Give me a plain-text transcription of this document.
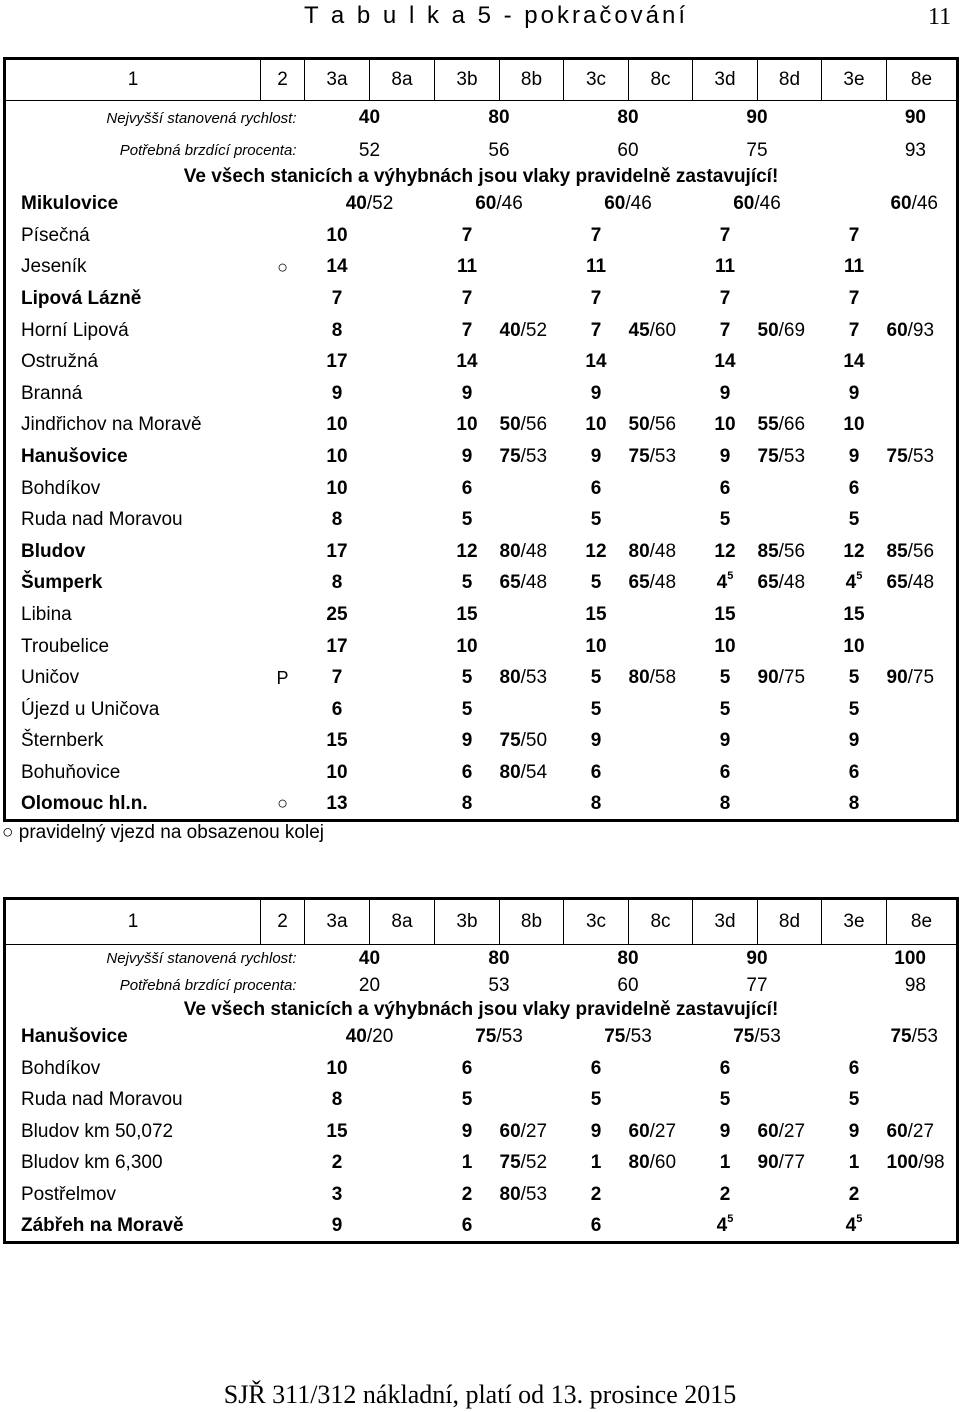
T a b u l k a 5 - pokračování	11
1	2	3a	8a	3b	8b	3c	8c	3d	8d	3e	8e
Nejvyšší stanovená rychlost:		40		80		80		90		90	
Potřebná brzdící procenta:		52		56		60		75		93	
Ve všech stanicích a výhybnách jsou vlaky pravidelně zastavující!											
Mikulovice		40/52		60/46		60/46		60/46		60/46	
Písečná		10		7		7		7		7	
Jeseník	○	14		11		11		11		11	
Lipová Lázně		7		7		7		7		7	
Horní Lipová		8		7	40/52	7	45/60	7	50/69	7	60/93
Ostružná		17		14		14		14		14	
Branná		9		9		9		9		9	
Jindřichov na Moravě		10		10	50/56	10	50/56	10	55/66	10	
Hanušovice		10		9	75/53	9	75/53	9	75/53	9	75/53
Bohdíkov		10		6		6		6		6	
Ruda nad Moravou		8		5		5		5		5	
Bludov		17		12	80/48	12	80/48	12	85/56	12	85/56
Šumperk		8		5	65/48	5	65/48	$4^5$	65/48	$4^5$	65/48
Libina		25		15		15		15		15	
Troubelice		17		10		10		10		10	
Uničov	P	7		5	80/53	5	80/58	5	90/75	5	90/75
Újezd u Uničova		6		5		5		5		5	
Šternberk		15		9	75/50	9		9		9	
Bohuňovice		10		6	80/54	6		6		6	
Olomouc hl.n.	○	13		8		8		8		8	
○ pravidelný vjezd na obsazenou kolej
1	2	3a	8a	3b	8b	3c	8c	3d	8d	3e	8e
Nejvyšší stanovená rychlost:		40		80		80		90		100	
Potřebná brzdící procenta:		20		53		60		77		98	
Ve všech stanicích a výhybnách jsou vlaky pravidelně zastavující!											
Hanušovice		40/20		75/53		75/53		75/53		75/53	
Bohdíkov		10		6		6		6		6	
Ruda nad Moravou		8		5		5		5		5	
Bludov km 50,072		15		9	60/27	9	60/27	9	60/27	9	60/27
Bludov km 6,300		2		1	75/52	1	80/60	1	90/77	1	100/98
Postřelmov		3		2	80/53	2		2		2	
Zábřeh na Moravě		9		6		6		$4^5$		$4^5$	
SJŘ 311/312 nákladní, platí od 13. prosince 2015
